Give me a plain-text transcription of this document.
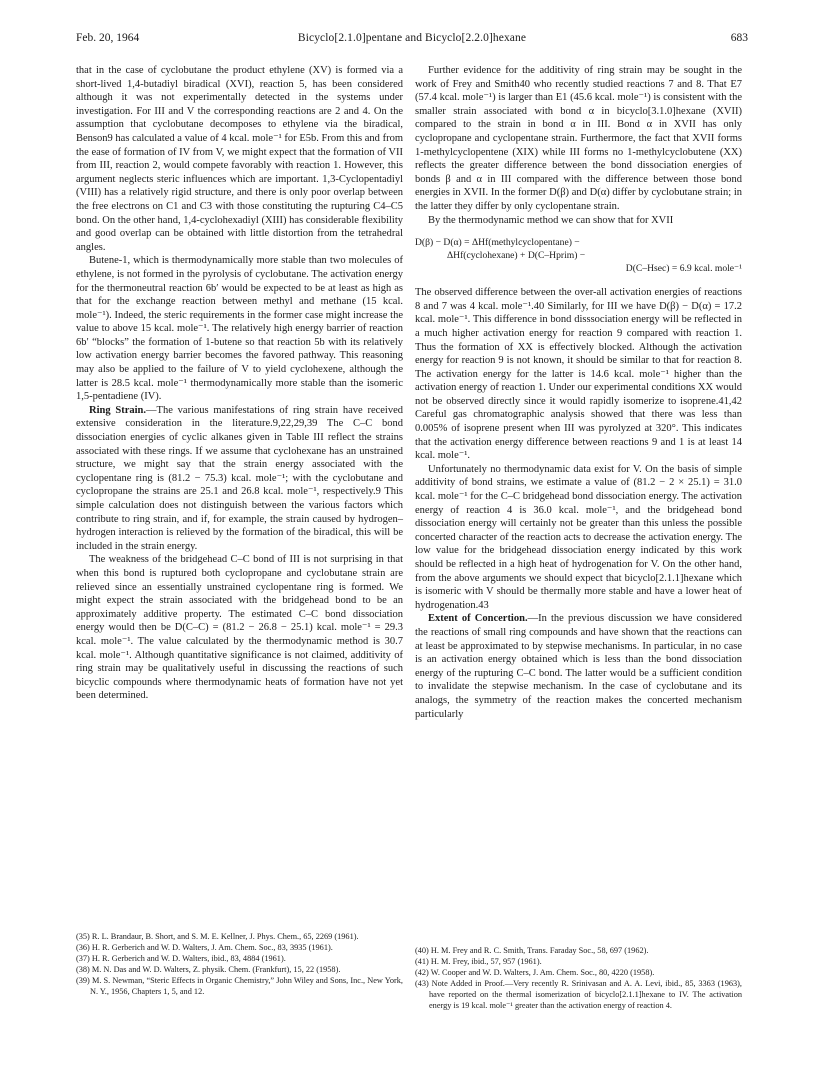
Feb. 20, 1964	Bicyclo[2.1.0]pentane and Bicyclo[2.2.0]hexane	683

that in the case of cyclobutane the product ethylene (XV) is formed via a short-lived 1,4-butadiyl biradical (XVI), reaction 5, has been considered although it was not experimentally detected in the systems under investigation. For III and V the corresponding reactions are 2 and 4. On the assumption that cyclobutane decomposes to ethylene via the biradical, Benson9 has calculated a value of 4 kcal. mole⁻¹ for E5b. From this and from the ease of formation of IV from V, we might expect that the formation of VII from III, reaction 2, would compete favorably with reaction 1. However, this argument neglects steric influences which are important. 1,3-Cyclopentadiyl (VIII) has a relatively rigid structure, and there is only poor overlap between the free electrons on C1 and C3 with those constituting the rupturing C4–C5 bond. On the other hand, 1,4-cyclohexadiyl (XIII) has considerable flexibility and good overlap can be obtained with little distortion from the tetrahedral angles.

Butene-1, which is thermodynamically more stable than two molecules of ethylene, is not formed in the pyrolysis of cyclobutane. The activation energy for the thermoneutral reaction 6b′ would be expected to be at least as high as that for the exchange reaction between methyl and methane (15 kcal. mole⁻¹). Indeed, the steric requirements in the former case might increase the value to above 15 kcal. mole⁻¹. The relatively high energy barrier of reaction 6b′ “blocks” the formation of 1-butene so that reaction 5b with its relatively low activation energy barrier becomes the favored pathway. This reasoning may also be applied to the failure of V to yield cyclohexene, although the latter is 28.5 kcal. mole⁻¹ thermodynamically more stable than the isomeric 1,5-pentadiene (IV).

Ring Strain.—The various manifestations of ring strain have received extensive consideration in the literature.9,22,29,39 The C–C bond dissociation energies of cyclic alkanes given in Table III reflect the strains associated with these rings. If we assume that cyclohexane has an unstrained structure, we might say that the strain energy associated with the cyclopentane ring is (81.2 − 75.3) kcal. mole⁻¹; with the cyclobutane and cyclopropane the strains are 25.1 and 26.8 kcal. mole⁻¹, respectively.9 This simple calculation does not distinguish between the various factors which contribute to ring strain, and if, for example, the strain caused by hydrogen–hydrogen interaction is relieved by the formation of the biradical, this will be included in the strain energy.

The weakness of the bridgehead C–C bond of III is not surprising in that when this bond is ruptured both cyclopropane and cyclobutane strain are relieved since an essentially unstrained cyclopentane ring is formed. We might expect the strain associated with the bridgehead bond to be an approximately additive property. The estimated C–C bond dissociation energy would then be D(C–C) = (81.2 − 26.8 − 25.1) kcal. mole⁻¹ = 29.3 kcal. mole⁻¹. The value calculated by the thermodynamic method is 30.7 kcal. mole⁻¹. Although quantitative significance is not claimed, additivity of ring strain may be qualitatively useful in discussing the reactions of such bicyclic compounds where thermodynamic heats of formation have not yet been determined.

Further evidence for the additivity of ring strain may be sought in the work of Frey and Smith40 who recently studied reactions 7 and 8. That E7 (57.4 kcal. mole⁻¹) is larger than E1 (45.6 kcal. mole⁻¹) is consistent with the smaller strain associated with bond α in bicyclo[3.1.0]hexane (XVII) compared to the strain in bond α in III. Bond α in XVII has only cyclopropane and cyclopentane strain. Furthermore, the fact that XVII forms 1-methylcyclopentene (XIX) while III forms no 1-methylcyclobutene (XX) reflects the greater difference between the bond dissociation energies of bonds β and α in III compared with the difference between those bond energies in XVII. In the former D(β) and D(α) differ by cyclobutane strain; in the latter they differ by only cyclopentane strain.

By the thermodynamic method we can show that for XVII

D(β) − D(α) = ΔHf(methylcyclopentane) −
ΔHf(cyclohexane) + D(C–Hprim) −
D(C–Hsec) = 6.9 kcal. mole⁻¹

The observed difference between the over-all activation energies of reactions 8 and 7 was 4 kcal. mole⁻¹.40 Similarly, for III we have D(β) − D(α) = 17.2 kcal. mole⁻¹. This difference in bond disssociation energy will be reflected in a much higher activation energy for reaction 9 compared with reaction 1. Thus the formation of XX is effectively blocked. Although the activation energy for reaction 9 is not known, it should be similar to that for reaction 8. The activation energy for the latter is 14.6 kcal. mole⁻¹ higher than the activation energy of reaction 1. Under our experimental conditions XX would not be observed directly since it would rapidly isomerize to isoprene.41,42 Careful gas chromatographic analysis showed that there was less than 0.005% of isoprene present when III was pyrolyzed at 320°. This indicates that the activation energy difference between reactions 9 and 1 is at least 14 kcal. mole⁻¹.

Unfortunately no thermodynamic data exist for V. On the basis of simple additivity of bond strains, we estimate a value of (81.2 − 2 × 25.1) = 31.0 kcal. mole⁻¹ for the C–C bridgehead bond dissociation energy. The activation energy of reaction 4 is 36.0 kcal. mole⁻¹, and the bridgehead bond dissociation energy will certainly not be greater than this unless the possible concerted character of the reaction acts to decrease the activation energy. The low value for the bridgehead dissociation energy indicated by this work should be reflected in a high heat of hydrogenation for V. On the other hand, from the above arguments we should expect that bicyclo[2.1.1]hexane which is isomeric with V should be thermally more stable and have a lower heat of hydrogenation.43

Extent of Concertion.—In the previous discussion we have considered the reactions of small ring compounds and have shown that the reactions can at least be approximated to by stepwise mechanisms. In particular, in no case is an activation energy obtained which is less than the bond dissociation energy of the rupturing C–C bond. The latter would be a sufficient condition to invalidate the stepwise mechanism. In the case of cyclobutane and its analogs, the symmetry of the reaction makes the concerted mechanism particularly

(35) R. L. Brandaur, B. Short, and S. M. E. Kellner, J. Phys. Chem., 65, 2269 (1961).

(36) H. R. Gerberich and W. D. Walters, J. Am. Chem. Soc., 83, 3935 (1961).

(37) H. R. Gerberich and W. D. Walters, ibid., 83, 4884 (1961).

(38) M. N. Das and W. D. Walters, Z. physik. Chem. (Frankfurt), 15, 22 (1958).

(39) M. S. Newman, “Steric Effects in Organic Chemistry,” John Wiley and Sons, Inc., New York, N. Y., 1956, Chapters 1, 5, and 12.

(40) H. M. Frey and R. C. Smith, Trans. Faraday Soc., 58, 697 (1962).

(41) H. M. Frey, ibid., 57, 957 (1961).

(42) W. Cooper and W. D. Walters, J. Am. Chem. Soc., 80, 4220 (1958).

(43) Note Added in Proof.—Very recently R. Srinivasan and A. A. Levi, ibid., 85, 3363 (1963), have reported on the thermal isomerization of bicyclo[2.1.1]hexane to IV. The activation energy is 19 kcal. mole⁻¹ greater than the activation energy of reaction 4.
